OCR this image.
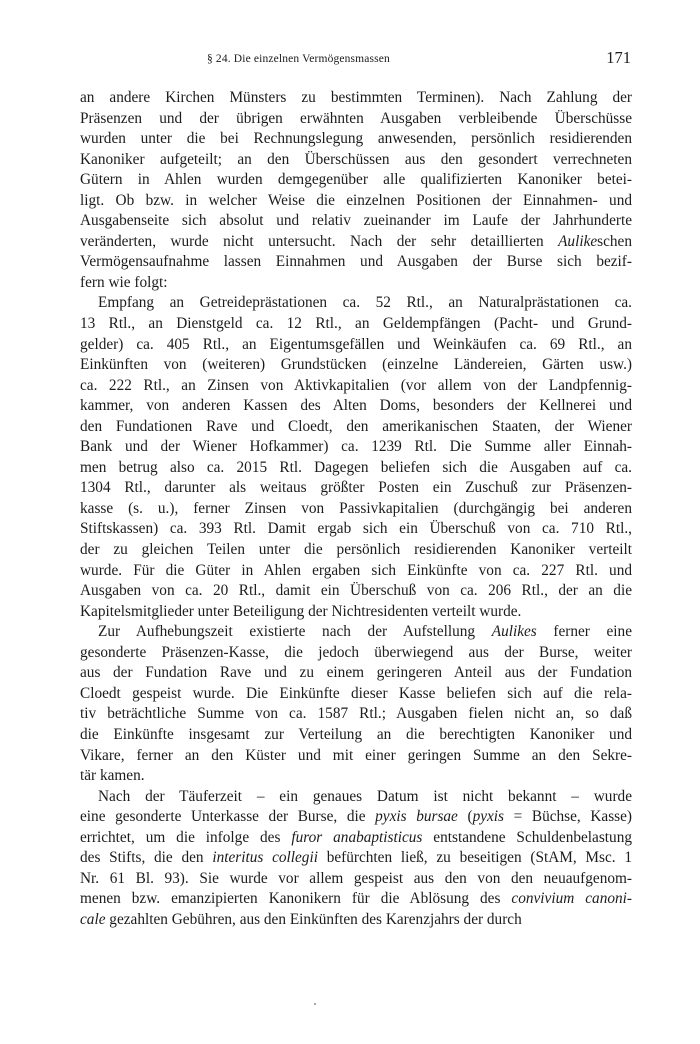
§ 24. Die einzelnen Vermögensmassen	171
an andere Kirchen Münsters zu bestimmten Terminen). Nach Zahlung der
Präsenzen und der übrigen erwähnten Ausgaben verbleibende Überschüsse
wurden unter die bei Rechnungslegung anwesenden, persönlich residierenden
Kanoniker aufgeteilt; an den Überschüssen aus den gesondert verrechneten
Gütern in Ahlen wurden demgegenüber alle qualifizierten Kanoniker betei-
ligt. Ob bzw. in welcher Weise die einzelnen Positionen der Einnahmen- und
Ausgabenseite sich absolut und relativ zueinander im Laufe der Jahrhunderte
veränderten, wurde nicht untersucht. Nach der sehr detaillierten Aulikeschen
Vermögensaufnahme lassen Einnahmen und Ausgaben der Burse sich bezif-
fern wie folgt:
Empfang an Getreideprästationen ca. 52 Rtl., an Naturalprästationen ca.
13 Rtl., an Dienstgeld ca. 12 Rtl., an Geldempfängen (Pacht- und Grund-
gelder) ca. 405 Rtl., an Eigentumsgefällen und Weinkäufen ca. 69 Rtl., an
Einkünften von (weiteren) Grundstücken (einzelne Ländereien, Gärten usw.)
ca. 222 Rtl., an Zinsen von Aktivkapitalien (vor allem von der Landpfennig-
kammer, von anderen Kassen des Alten Doms, besonders der Kellnerei und
den Fundationen Rave und Cloedt, den amerikanischen Staaten, der Wiener
Bank und der Wiener Hofkammer) ca. 1239 Rtl. Die Summe aller Einnah-
men betrug also ca. 2015 Rtl. Dagegen beliefen sich die Ausgaben auf ca.
1304 Rtl., darunter als weitaus größter Posten ein Zuschuß zur Präsenzen-
kasse (s. u.), ferner Zinsen von Passivkapitalien (durchgängig bei anderen
Stiftskassen) ca. 393 Rtl. Damit ergab sich ein Überschuß von ca. 710 Rtl.,
der zu gleichen Teilen unter die persönlich residierenden Kanoniker verteilt
wurde. Für die Güter in Ahlen ergaben sich Einkünfte von ca. 227 Rtl. und
Ausgaben von ca. 20 Rtl., damit ein Überschuß von ca. 206 Rtl., der an die
Kapitelsmitglieder unter Beteiligung der Nichtresidenten verteilt wurde.
Zur Aufhebungszeit existierte nach der Aufstellung Aulikes ferner eine
gesonderte Präsenzen-Kasse, die jedoch überwiegend aus der Burse, weiter
aus der Fundation Rave und zu einem geringeren Anteil aus der Fundation
Cloedt gespeist wurde. Die Einkünfte dieser Kasse beliefen sich auf die rela-
tiv beträchtliche Summe von ca. 1587 Rtl.; Ausgaben fielen nicht an, so daß
die Einkünfte insgesamt zur Verteilung an die berechtigten Kanoniker und
Vikare, ferner an den Küster und mit einer geringen Summe an den Sekre-
tär kamen.
Nach der Täuferzeit – ein genaues Datum ist nicht bekannt – wurde
eine gesonderte Unterkasse der Burse, die pyxis bursae (pyxis = Büchse, Kasse)
errichtet, um die infolge des furor anabaptisticus entstandene Schuldenbelastung
des Stifts, die den interitus collegii befürchten ließ, zu beseitigen (StAM, Msc. 1
Nr. 61 Bl. 93). Sie wurde vor allem gespeist aus den von den neuaufgenom-
menen bzw. emanzipierten Kanonikern für die Ablösung des convivium canoni-
cale gezahlten Gebühren, aus den Einkünften des Karenzjahrs der durch
